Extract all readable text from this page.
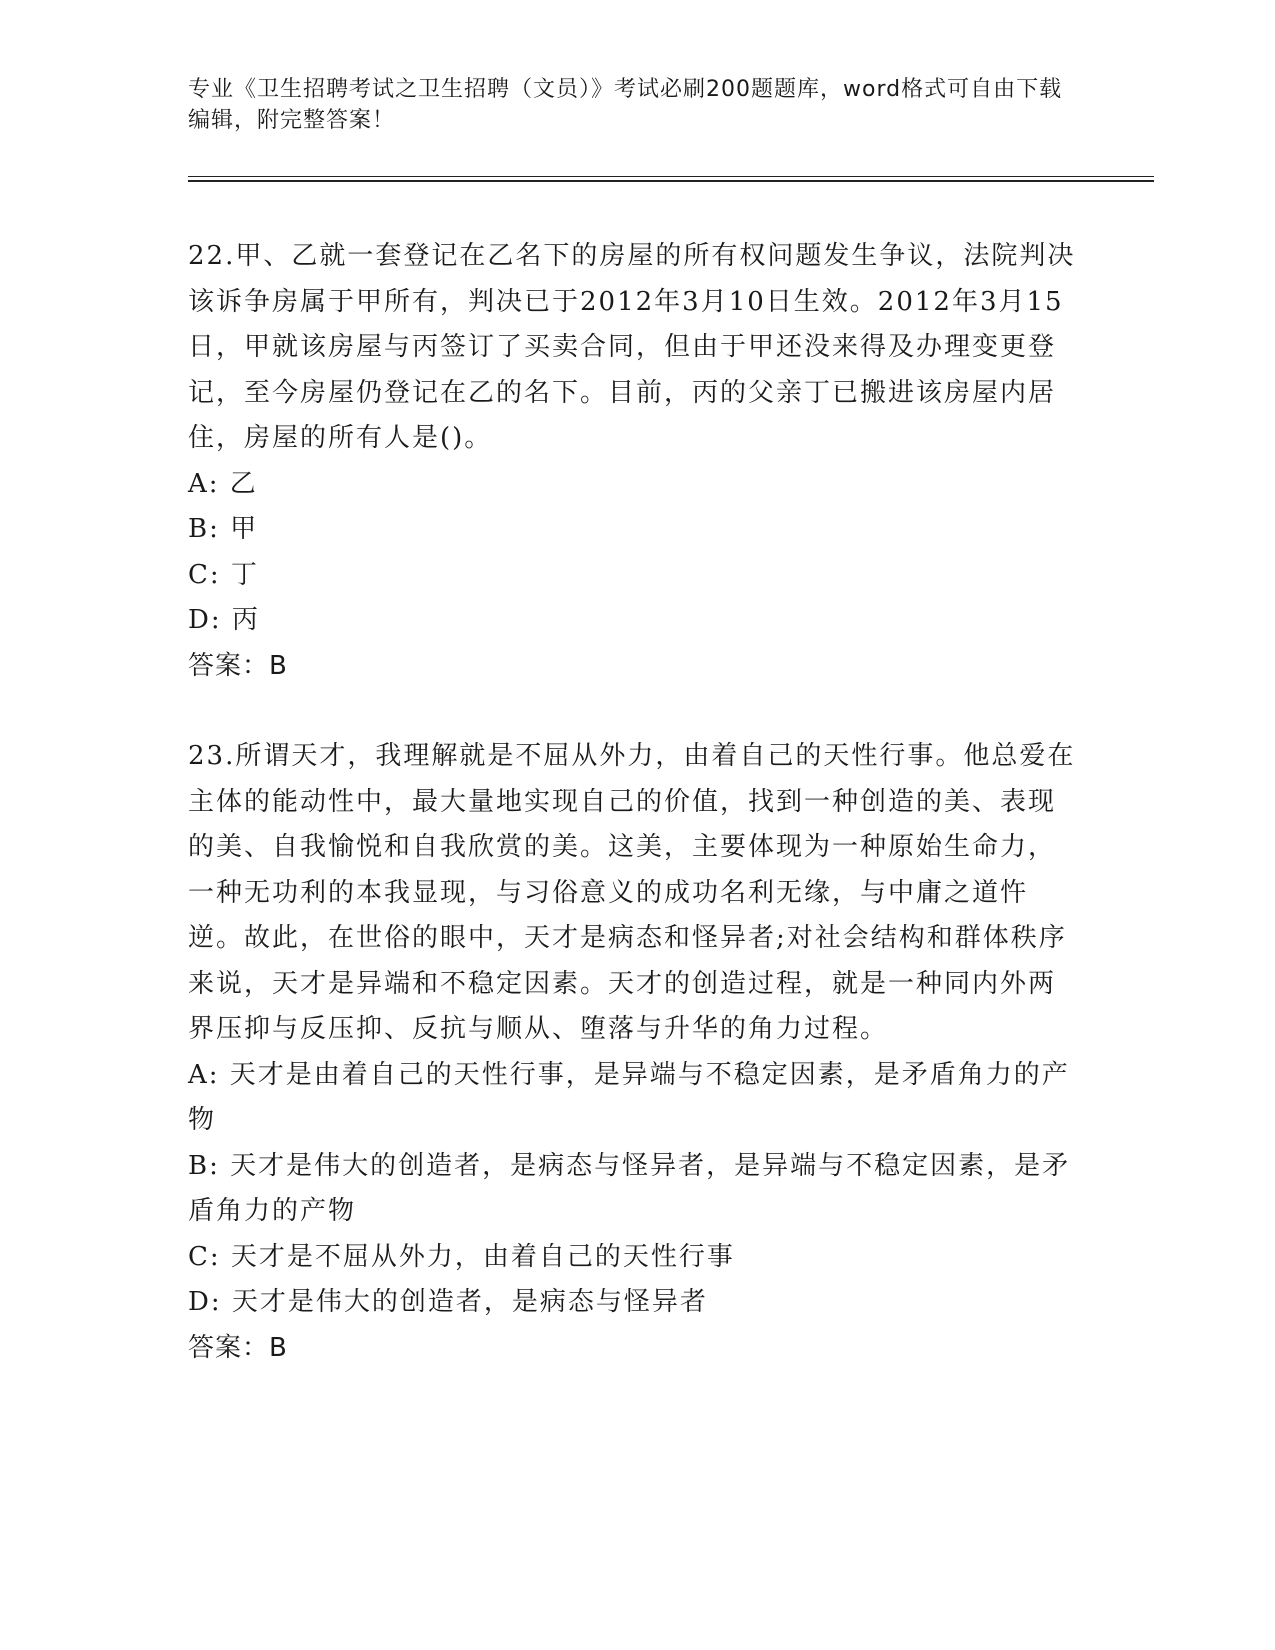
专业《卫生招聘考试之卫生招聘（文员）》考试必刷200题题库，word格式可自由下载编辑，附完整答案！

22.甲、乙就一套登记在乙名下的房屋的所有权问题发生争议，法院判决该诉争房属于甲所有，判决已于2012年3月10日生效。2012年3月15日，甲就该房屋与丙签订了买卖合同，但由于甲还没来得及办理变更登记，至今房屋仍登记在乙的名下。目前，丙的父亲丁已搬进该房屋内居住，房屋的所有人是()。

A: 乙

B: 甲

C: 丁

D: 丙

答案：B

23.所谓天才，我理解就是不屈从外力，由着自己的天性行事。他总爱在主体的能动性中，最大量地实现自己的价值，找到一种创造的美、表现的美、自我愉悦和自我欣赏的美。这美，主要体现为一种原始生命力，一种无功利的本我显现，与习俗意义的成功名利无缘，与中庸之道忤逆。故此，在世俗的眼中，天才是病态和怪异者;对社会结构和群体秩序来说，天才是异端和不稳定因素。天才的创造过程，就是一种同内外两界压抑与反压抑、反抗与顺从、堕落与升华的角力过程。

A: 天才是由着自己的天性行事，是异端与不稳定因素，是矛盾角力的产物

B: 天才是伟大的创造者，是病态与怪异者，是异端与不稳定因素，是矛盾角力的产物

C: 天才是不屈从外力，由着自己的天性行事

D: 天才是伟大的创造者，是病态与怪异者

答案：B
